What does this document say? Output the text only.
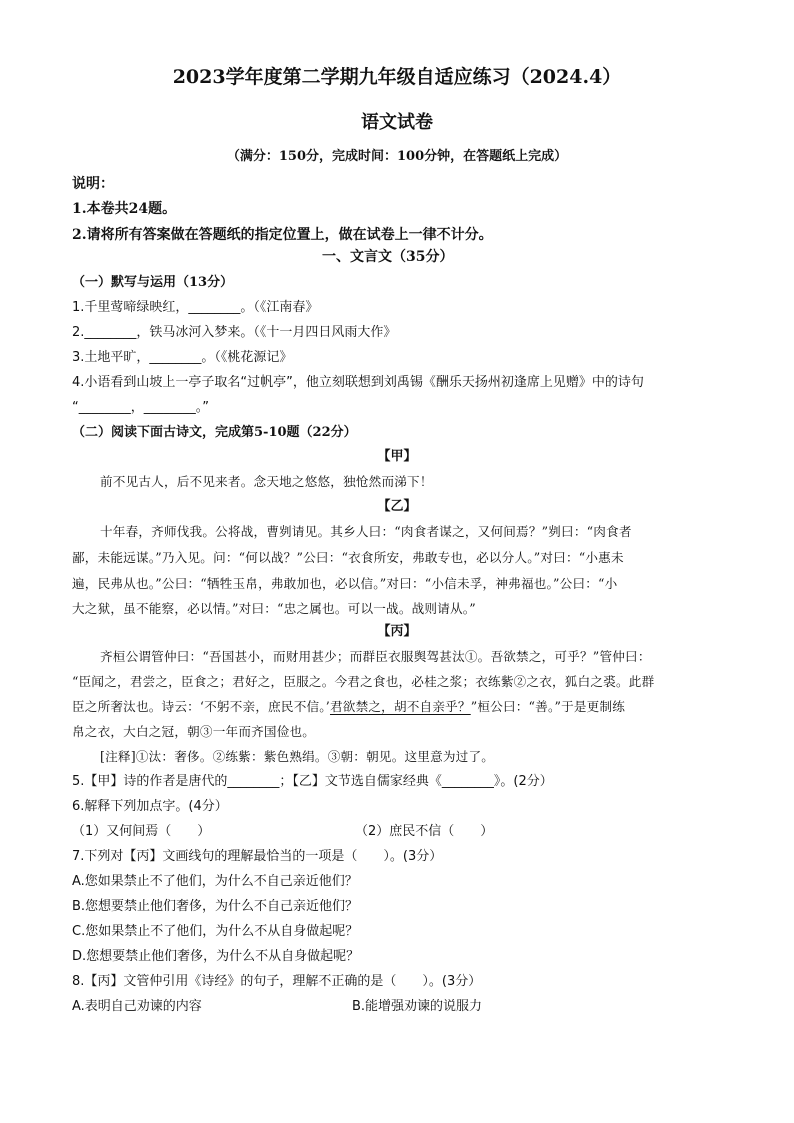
2023学年度第二学期九年级自适应练习（2024.4）
语文试卷
（满分：150分，完成时间：100分钟，在答题纸上完成）
说明：
1.本卷共24题。
2.请将所有答案做在答题纸的指定位置上，做在试卷上一律不计分。
一、文言文（35分）
（一）默写与运用（13分）
1.千里莺啼绿映红，________。（《江南春》
2.________，铁马冰河入梦来。（《十一月四日风雨大作》
3.土地平旷，________。（《桃花源记》
4.小语看到山坡上一亭子取名“过帆亭”，他立刻联想到刘禹锡《酬乐天扬州初逢席上见赠》中的诗句
“________，________。”
（二）阅读下面古诗文，完成第5-10题（22分）
【甲】
前不见古人，后不见来者。念天地之悠悠，独怆然而涕下！
【乙】
十年春，齐师伐我。公将战，曹刿请见。其乡人曰：“肉食者谋之，又何间焉？”刿曰：“肉食者
鄙，未能远谋。”乃入见。问：“何以战？”公曰：“衣食所安，弗敢专也，必以分人。”对曰：“小惠未
遍，民弗从也。”公曰：“牺牲玉帛，弗敢加也，必以信。”对曰：“小信未孚，神弗福也。”公曰：“小
大之狱，虽不能察，必以情。”对曰：“忠之属也。可以一战。战则请从。”
【丙】
齐桓公谓管仲曰：“吾国甚小，而财用甚少；而群臣衣服舆驾甚汰①。吾欲禁之，可乎？”管仲曰：
“臣闻之，君尝之，臣食之；君好之，臣服之。今君之食也，必桂之浆；衣练紫②之衣，狐白之裘。此群
臣之所奢汰也。诗云：‘不躬不亲，庶民不信。’君欲禁之，胡不自亲乎？”桓公曰：“善。”于是更制练
帛之衣，大白之冠，朝③一年而齐国俭也。
[注释]①汰：奢侈。②练紫：紫色熟绢。③朝：朝见。这里意为过了。
5.【甲】诗的作者是唐代的________；【乙】文节选自儒家经典《________》。(2分）
6.解释下列加点字。(4分）
（1）又何间焉（　　）	（2）庶民不信（　　）
7.下列对【丙】文画线句的理解最恰当的一项是（　　）。(3分）
A.您如果禁止不了他们，为什么不自己亲近他们？
B.您想要禁止他们奢侈，为什么不自己亲近他们？
C.您如果禁止不了他们，为什么不从自身做起呢？
D.您想要禁止他们奢侈，为什么不从自身做起呢？
8.【丙】文管仲引用《诗经》的句子，理解不正确的是（　　）。(3分）
A.表明自己劝谏的内容	B.能增强劝谏的说服力
